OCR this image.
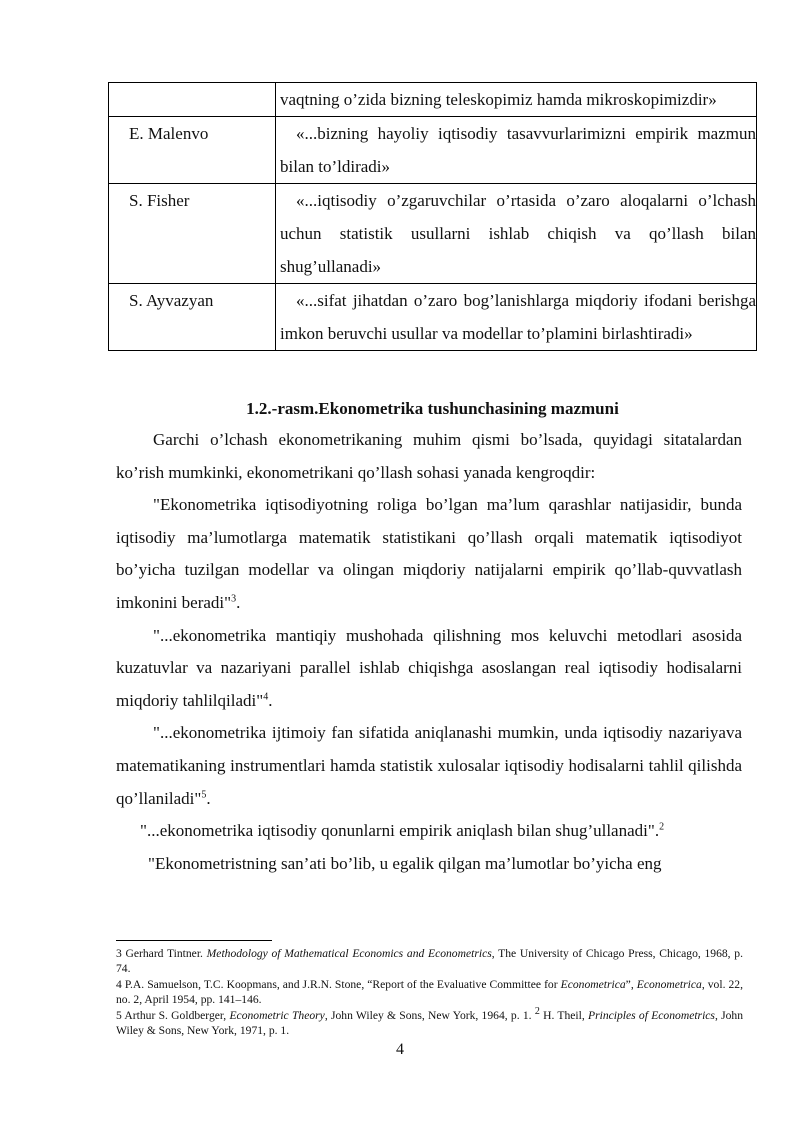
	vaqtning o’zida bizning teleskopimiz hamda mikroskopimizdir»
E. Malenvo	«...bizning hayoliy iqtisodiy tasavvurlarimizni empirik mazmun bilan to’ldiradi»
S. Fisher	«...iqtisodiy o’zgaruvchilar o’rtasida o’zaro aloqalarni o’lchash uchun statistik usullarni ishlab chiqish va qo’llash bilan shug’ullanadi»
S. Ayvazyan	«...sifat jihatdan o’zaro bog’lanishlarga miqdoriy ifodani berishga imkon beruvchi usullar va modellar to’plamini birlashtiradi»
1.2.-rasm.Ekonometrika tushunchasining mazmuni

Garchi o’lchash ekonometrikaning muhim qismi bo’lsada, quyidagi sitatalardan ko’rish mumkinki, ekonometrikani qo’llash sohasi yanada kengroqdir:

"Ekonometrika iqtisodiyotning roliga bo’lgan ma’lum qarashlar natijasidir, bunda iqtisodiy ma’lumotlarga matematik statistikani qo’llash orqali matematik iqtisodiyot bo’yicha tuzilgan modellar va olingan miqdoriy natijalarni empirik qo’llab-quvvatlash imkonini beradi"$^3$.

"...ekonometrika mantiqiy mushohada qilishning mos keluvchi metodlari asosida kuzatuvlar va nazariyani parallel ishlab chiqishga asoslangan real iqtisodiy hodisalarni miqdoriy tahlilqiladi"$^4$.

"...ekonometrika ijtimoiy fan sifatida aniqlanashi mumkin, unda iqtisodiy nazariyava matematikaning instrumentlari hamda statistik xulosalar iqtisodiy hodisalarni tahlil qilishda qo’llaniladi"$^5$.

"...ekonometrika iqtisodiy qonunlarni empirik aniqlash bilan shug’ullanadi".$^2$

"Ekonometristning san’ati bo’lib, u egalik qilgan ma’lumotlar bo’yicha eng

3 Gerhard Tintner. Methodology of Mathematical Economics and Econometrics, The University of Chicago Press, Chicago, 1968, p. 74.

4 P.A. Samuelson, T.C. Koopmans, and J.R.N. Stone, “Report of the Evaluative Committee for Econometrica”, Econometrica, vol. 22, no. 2, April 1954, pp. 141–146.

5 Arthur S. Goldberger, Econometric Theory, John Wiley & Sons, New York, 1964, p. 1. $^2$ H. Theil, Principles of Econometrics, John Wiley & Sons, New York, 1971, p. 1.

4
